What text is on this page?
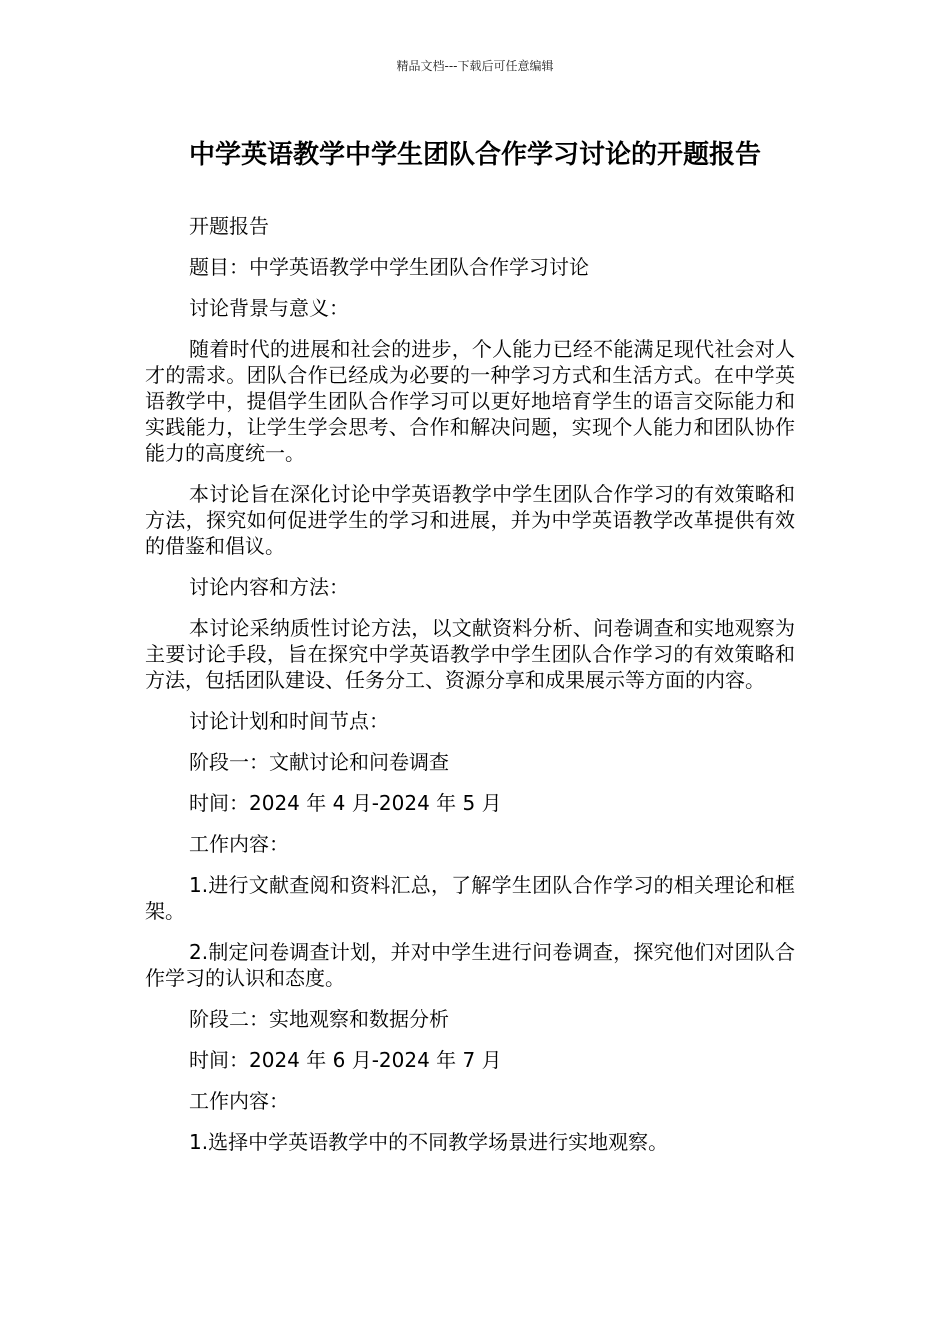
精品文档---下载后可任意编辑
中学英语教学中学生团队合作学习讨论的开题报告

开题报告

题目：中学英语教学中学生团队合作学习讨论

讨论背景与意义：

随着时代的进展和社会的进步，个人能力已经不能满足现代社会对人才的需求。团队合作已经成为必要的一种学习方式和生活方式。在中学英语教学中，提倡学生团队合作学习可以更好地培育学生的语言交际能力和实践能力，让学生学会思考、合作和解决问题，实现个人能力和团队协作能力的高度统一。

本讨论旨在深化讨论中学英语教学中学生团队合作学习的有效策略和方法，探究如何促进学生的学习和进展，并为中学英语教学改革提供有效的借鉴和倡议。

讨论内容和方法：

本讨论采纳质性讨论方法，以文献资料分析、问卷调查和实地观察为主要讨论手段，旨在探究中学英语教学中学生团队合作学习的有效策略和方法，包括团队建设、任务分工、资源分享和成果展示等方面的内容。

讨论计划和时间节点：

阶段一：文献讨论和问卷调查

时间：2024 年 4 月-2024 年 5 月

工作内容：

1.进行文献查阅和资料汇总，了解学生团队合作学习的相关理论和框架。

2.制定问卷调查计划，并对中学生进行问卷调查，探究他们对团队合作学习的认识和态度。

阶段二：实地观察和数据分析

时间：2024 年 6 月-2024 年 7 月

工作内容：

1.选择中学英语教学中的不同教学场景进行实地观察。
